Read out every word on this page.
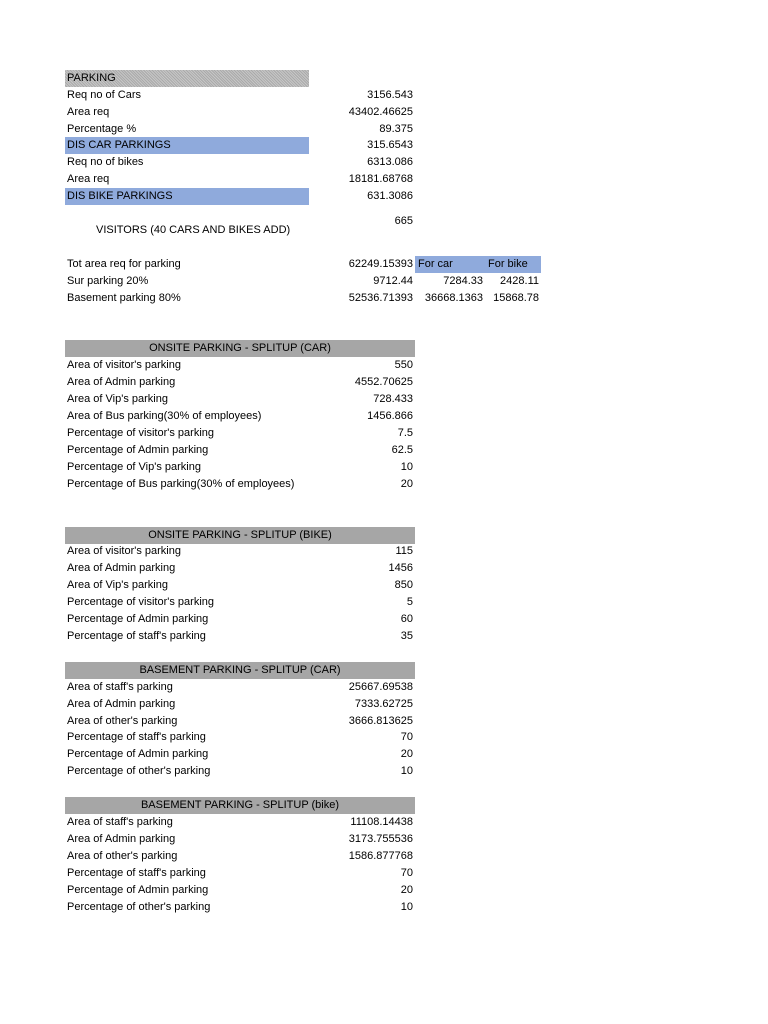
PARKING
Req no of Cars	3156.543
Area req	43402.46625
Percentage %	89.375
DIS CAR PARKINGS	315.6543
Req no of bikes	6313.086
Area req	18181.68768
DIS BIKE PARKINGS	631.3086
665
VISITORS (40 CARS AND BIKES ADD)
Tot area req for parking	62249.15393 For car	For bike
Sur parking 20%	9712.44	7284.33	2428.11
Basement parking 80%	52536.71393	36668.1363 15868.78
ONSITE PARKING - SPLITUP (CAR)
Area of visitor's parking	550
Area of Admin parking	4552.70625
Area of Vip's parking	728.433
Area of Bus parking(30% of employees)	1456.866
Percentage of visitor's parking	7.5
Percentage of Admin parking	62.5
Percentage of Vip's parking	10
Percentage of Bus parking(30% of employees)	20
ONSITE PARKING - SPLITUP (BIKE)
Area of visitor's parking	115
Area of Admin parking	1456
Area of Vip's parking	850
Percentage of visitor's parking	5
Percentage of Admin parking	60
Percentage of staff's parking	35
BASEMENT PARKING - SPLITUP (CAR)
Area of staff's parking	25667.69538
Area of Admin parking	7333.62725
Area of other's parking	3666.813625
Percentage of staff's parking	70
Percentage of Admin parking	20
Percentage of other's parking	10
BASEMENT PARKING - SPLITUP (bike)
Area of staff's parking	11108.14438
Area of Admin parking	3173.755536
Area of other's parking	1586.877768
Percentage of staff's parking	70
Percentage of Admin parking	20
Percentage of other's parking	10
